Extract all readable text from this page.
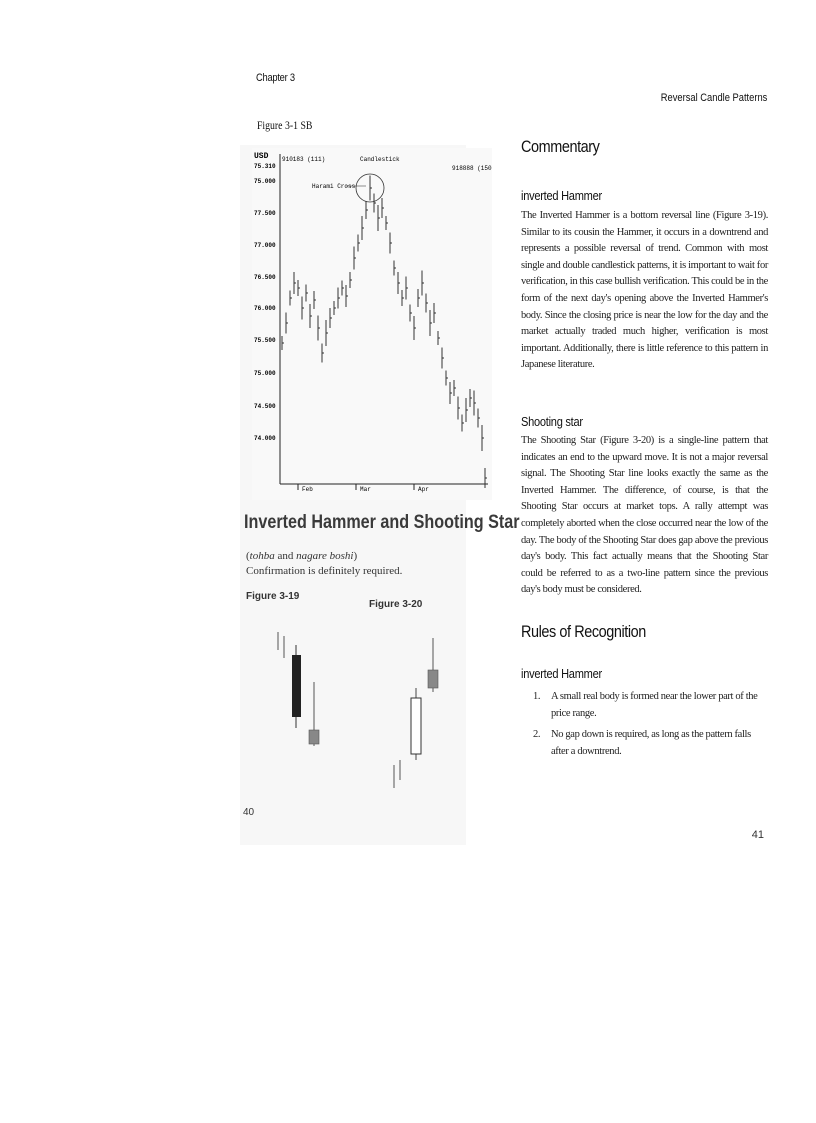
Chapter 3
Reversal Candle Patterns
Figure 3-1 SB
USD 910183 (111)
918888 (150
Candlestick
Harami Cross
75.310
75.000
77.500
77.000
76.500
76.000
75.500
75.000
74.500
74.000
Feb	Mar	Apr
Inverted Hammer and Shooting Star
(tohba and nagare boshi)
Confirmation is definitely required.
Figure 3-19
Figure 3-20
40
41
Commentary
inverted Hammer
The Inverted Hammer is a bottom reversal line (Figure 3-19). Similar to its cousin the Hammer, it occurs in a downtrend and represents a possible reversal of trend. Common with most single and double candlestick patterns, it is important to wait for verification, in this case bullish verification. This could be in the form of the next day's opening above the Inverted Hammer's body. Since the closing price is near the low for the day and the market actually traded much higher, verification is most important. Additionally, there is little reference to this pattern in Japanese literature.
Shooting star
The Shooting Star (Figure 3-20) is a single-line pattern that indicates an end to the upward move. It is not a major reversal signal. The Shooting Star line looks exactly the same as the Inverted Hammer. The difference, of course, is that the Shooting Star occurs at market tops. A rally attempt was completely aborted when the close occurred near the low of the day. The body of the Shooting Star does gap above the previous day's body. This fact actually means that the Shooting Star could be referred to as a two-line pattern since the previous day's body must be considered.
Rules of Recognition
inverted Hammer
1. A small real body is formed near the lower part of the price range.
2. No gap down is required, as long as the pattern falls after a downtrend.
